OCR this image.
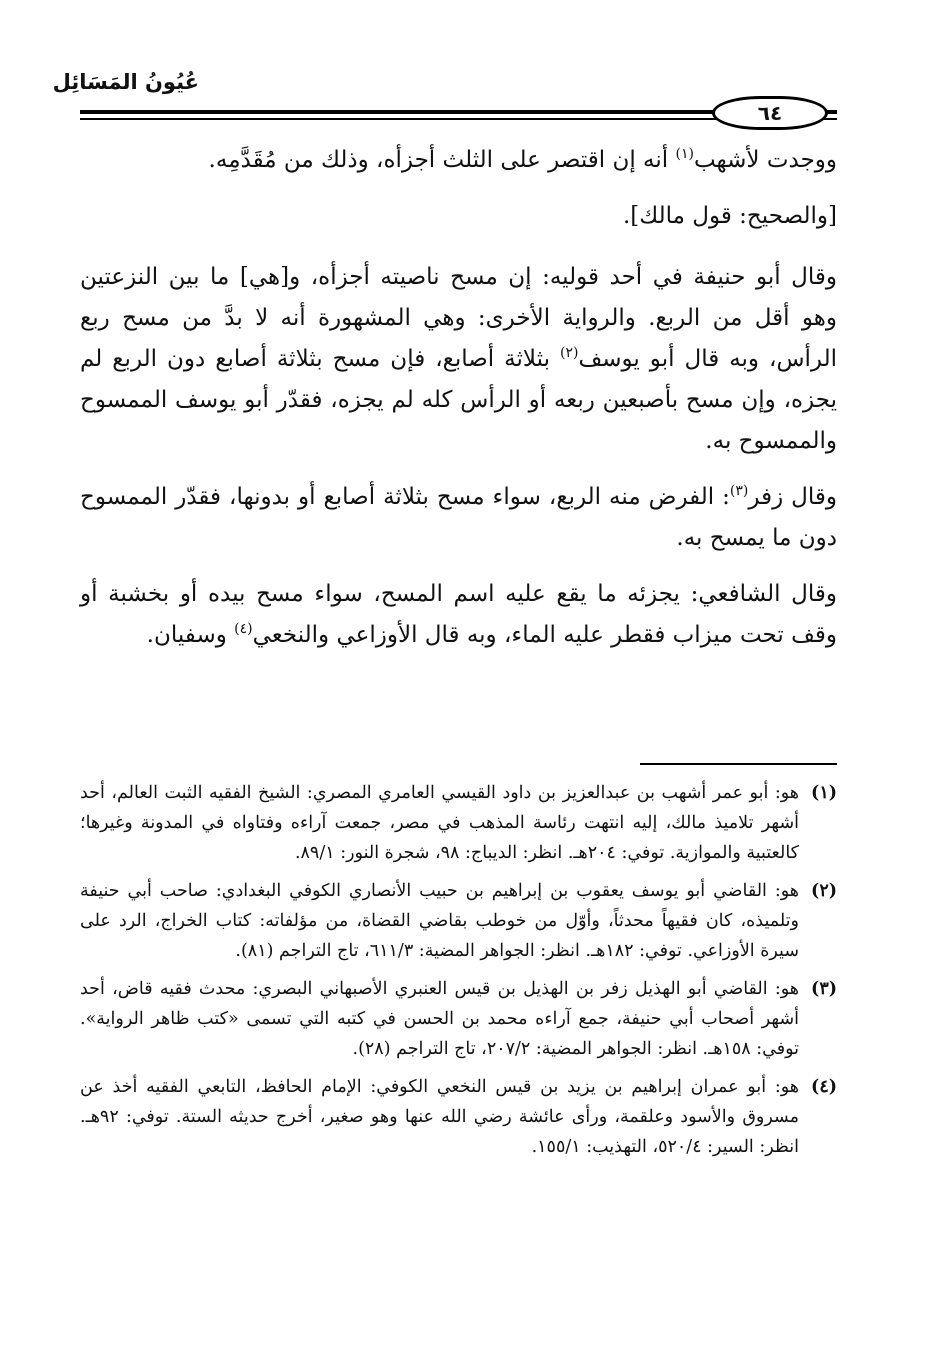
عُيُونُ المَسَائِل
٦٤

ووجدت لأشهب$^{(١)}$ أنه إن اقتصر على الثلث أجزأه، وذلك من مُقَدَّمِه.

[والصحيح: قول مالك].

وقال أبو حنيفة في أحد قوليه: إن مسح ناصيته أجزأه، و[هي] ما بين النزعتين وهو أقل من الربع. والرواية الأخرى: وهي المشهورة أنه لا بدَّ من مسح ربع الرأس، وبه قال أبو يوسف$^{(٢)}$ بثلاثة أصابع، فإن مسح بثلاثة أصابع دون الربع لم يجزه، وإن مسح بأصبعين ربعه أو الرأس كله لم يجزه، فقدّر أبو يوسف الممسوح والممسوح به.

وقال زفر$^{(٣)}$: الفرض منه الربع، سواء مسح بثلاثة أصابع أو بدونها، فقدّر الممسوح دون ما يمسح به.

وقال الشافعي: يجزئه ما يقع عليه اسم المسح، سواء مسح بيده أو بخشبة أو وقف تحت ميزاب فقطر عليه الماء، وبه قال الأوزاعي والنخعي$^{(٤)}$ وسفيان.

(١)
هو: أبو عمر أشهب بن عبدالعزيز بن داود القيسي العامري المصري: الشيخ الفقيه الثبت العالم، أحد أشهر تلاميذ مالك، إليه انتهت رئاسة المذهب في مصر، جمعت آراءه وفتاواه في المدونة وغيرها؛ كالعتبية والموازية. توفي: ٢٠٤هـ. انظر: الديباج: ٩٨، شجرة النور: ٨٩/١.
(٢)
هو: القاضي أبو يوسف يعقوب بن إبراهيم بن حبيب الأنصاري الكوفي البغدادي: صاحب أبي حنيفة وتلميذه، كان فقيهاً محدثاً، وأوّل من خوطب بقاضي القضاة، من مؤلفاته: كتاب الخراج، الرد على سيرة الأوزاعي. توفي: ١٨٢هـ. انظر: الجواهر المضية: ٦١١/٣، تاج التراجم (٨١).
(٣)
هو: القاضي أبو الهذيل زفر بن الهذيل بن قيس العنبري الأصبهاني البصري: محدث فقيه قاض، أحد أشهر أصحاب أبي حنيفة، جمع آراءه محمد بن الحسن في كتبه التي تسمى «كتب ظاهر الرواية». توفي: ١٥٨هـ. انظر: الجواهر المضية: ٢٠٧/٢، تاج التراجم (٢٨).
(٤)
هو: أبو عمران إبراهيم بن يزيد بن قيس النخعي الكوفي: الإمام الحافظ، التابعي الفقيه أخذ عن مسروق والأسود وعلقمة، ورأى عائشة رضي الله عنها وهو صغير، أخرج حديثه الستة. توفي: ٩٢هـ. انظر: السير: ٥٢٠/٤، التهذيب: ١٥٥/١.
